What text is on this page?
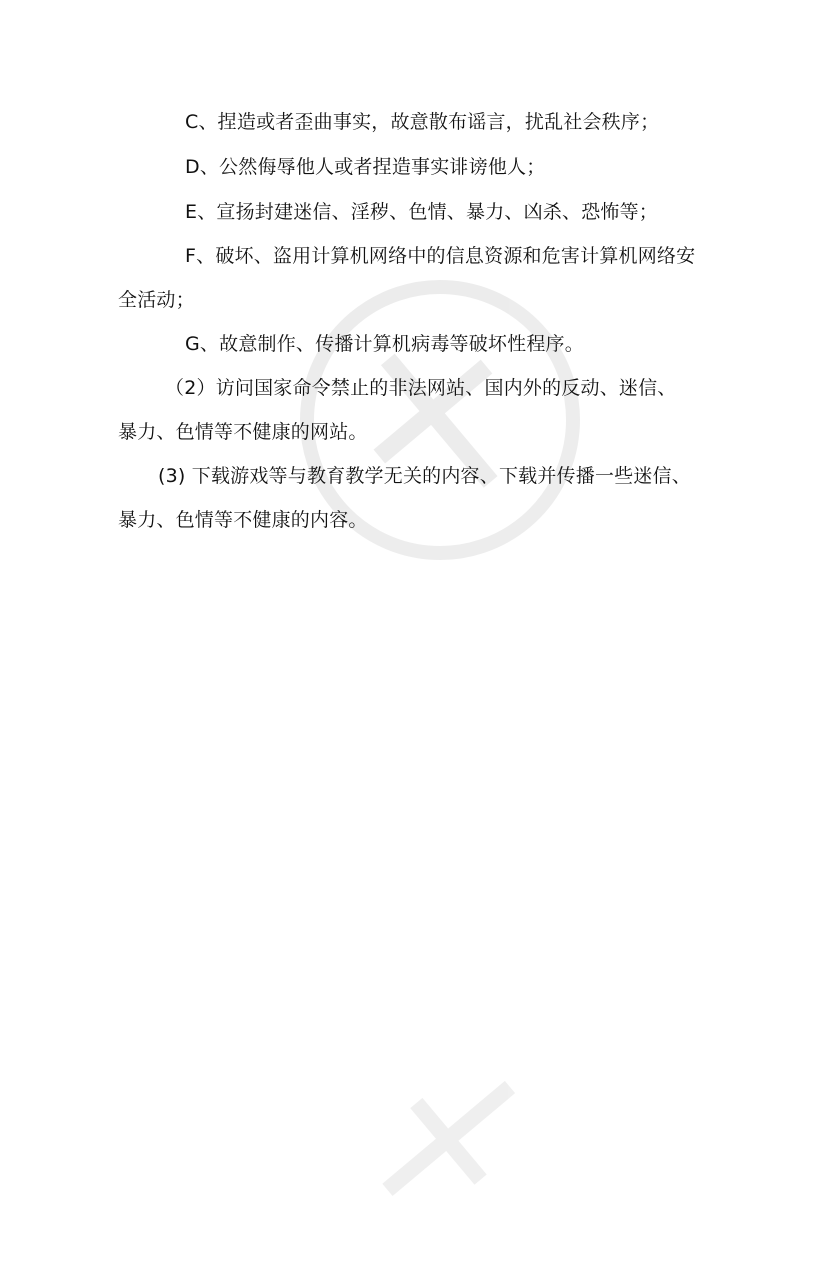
C、捏造或者歪曲事实，故意散布谣言，扰乱社会秩序；
D、公然侮辱他人或者捏造事实诽谤他人；
E、宣扬封建迷信、淫秽、色情、暴力、凶杀、恐怖等；
F、破坏、盗用计算机网络中的信息资源和危害计算机网络安
全活动；
G、故意制作、传播计算机病毒等破坏性程序。
（2）访问国家命令禁止的非法网站、国内外的反动、迷信、
暴力、色情等不健康的网站。
(3) 下载游戏等与教育教学无关的内容、下载并传播一些迷信、
暴力、色情等不健康的内容。
